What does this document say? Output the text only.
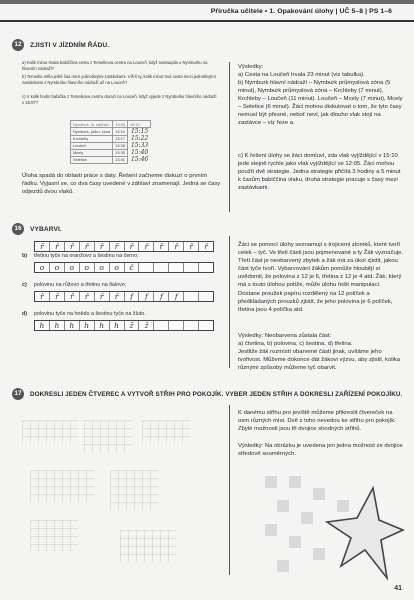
Příručka učitele • 1. Opakování úlohy | UČ 5–8 | PS 1–6
12	ZJISTI V JÍZDNÍM ŘÁDU.
a) Kolik minut trvala babiččina cesta z Temelkova centra na Louceň, když nastoupila u Nymburku na hlavním nádraží?
b) Temelka měla ještě čas mezi jednotlivými zastávkami. Víš-li ty, kolik minut trvá cesta mezi jednotlivými zastávkami z Nymburku hlavního nádraží až na Louceň?
c) V kolik hodin babička z Temelkova centra dorazí na Louceň, když vyjede z Nymburku hlavního nádraží v 15:07?
Nymburk, hl. nádraží	13:06	15:10
Nymburk, prům. zóna	13:10	15:15
Krchleby	13:17	15:22
Loučeň	13:28	15:33
Mcely	13:35	15:40
Seletice	13:41	15:46
Úloha spadá do oblasti práce s daty. Řešení začneme diskuzí o prvním řádku. Vyjasní se, co dva časy uvedené v záhlaví znamenají. Jedná se časy odjezdů dvou vlaků.
Výsledky:
a) Cesta na Loučeň trvala 23 minut (viz tabulka).
b) Nymburk hlavní nádraží – Nymburk průmyslová zóna (5 minut), Nymburk průmyslová zóna – Krchleby (7 minut), Krchleby – Loučeň (11 minut). Loučeň – Mcely (7 minut), Mcely – Seletice (6 minut). Žáci mohou diskutovat o tom, že tyto časy nemusí být přesné, neboť neví, jak dlouho vlak stojí na zastávce – viz řeze a.
c) K řešení úlohy se žáci domluví, zda vlak vyjíždějící v 15:10 jede stejně rychle jako vlak vyjíždějící ve 12:05. Žáci mohou použít dvě strategie. Jedna strategie přičítá 3 hodiny a 5 minut k časům babiččina vlaku, druhá strategie pracuje s časy mezi zastávkami.
16	VYBARVI.
ř	ř	ř	ř	ř	ř	ř	ř	ř	ř	ř	ř
b) třetinu tyče na oranžovo a šestinu na černo;
o	o	o	o	o	o	č
c) polovinu na růžovo a třetinu na fialovo;
ř	ř	ř	ř	ř	ř	f	f	f	f
d) polovinu tyče na hnědo a šestinu tyče na žluto.
h	h	h	h	h	h	ž	ž
Žáci se pomocí úlohy seznamují s trojicemi zlomků, které tvoří celek – tyč. Ve třetí části jsou pojmenované a ty Žák vyznačuje. Třetí část je neobarvený zbytek a žák má za úkol zjistit, jakou část tyče tvoří. Vybarvování žákům pomůže hloubějí si uvědomit, že polovina z 12 je 6, třetina z 12 je 4 atd. Žák, který má s touto úlohou potíže, může úlohu řešit manipulací. Dostane proužek papíru rozdělený na 12 políček a předkládaných prouzků zjistit, že jeho polovina je 6 políček, třetina jsou 4 políčka atd.
Výsledky: Neobarvena zůstala část:
a) čtvrtina, b) polovina, c) šestina, d) třetina.
Jestliže žák rozmístí obarvené části jinak, uvítáme jeho tvořivost. Můžeme dokonce dát žákovi výzvu, aby zjistil, kolika různými způsoby můžeme tyč obarvit.
17	DOKRESLI JEDEN ČTVEREC A VYTVOŘ STŘIH PRO POKOJÍK. VYBER JEDEN STŘIH A DOKRESLI ZAŘÍZENÍ POKOJÍKU.
K danému střihu pro jevíště můžeme přikreslit čtvereček na osm různých míst. Dvě z toho nevedou ke střihu pro pokojík. Zbylé možnosti jsou tři dvojice shodných střihů.
Výsledky: Na obrázku je uvedena jen jedna možnost ze dvojice středově souměrných.
41
